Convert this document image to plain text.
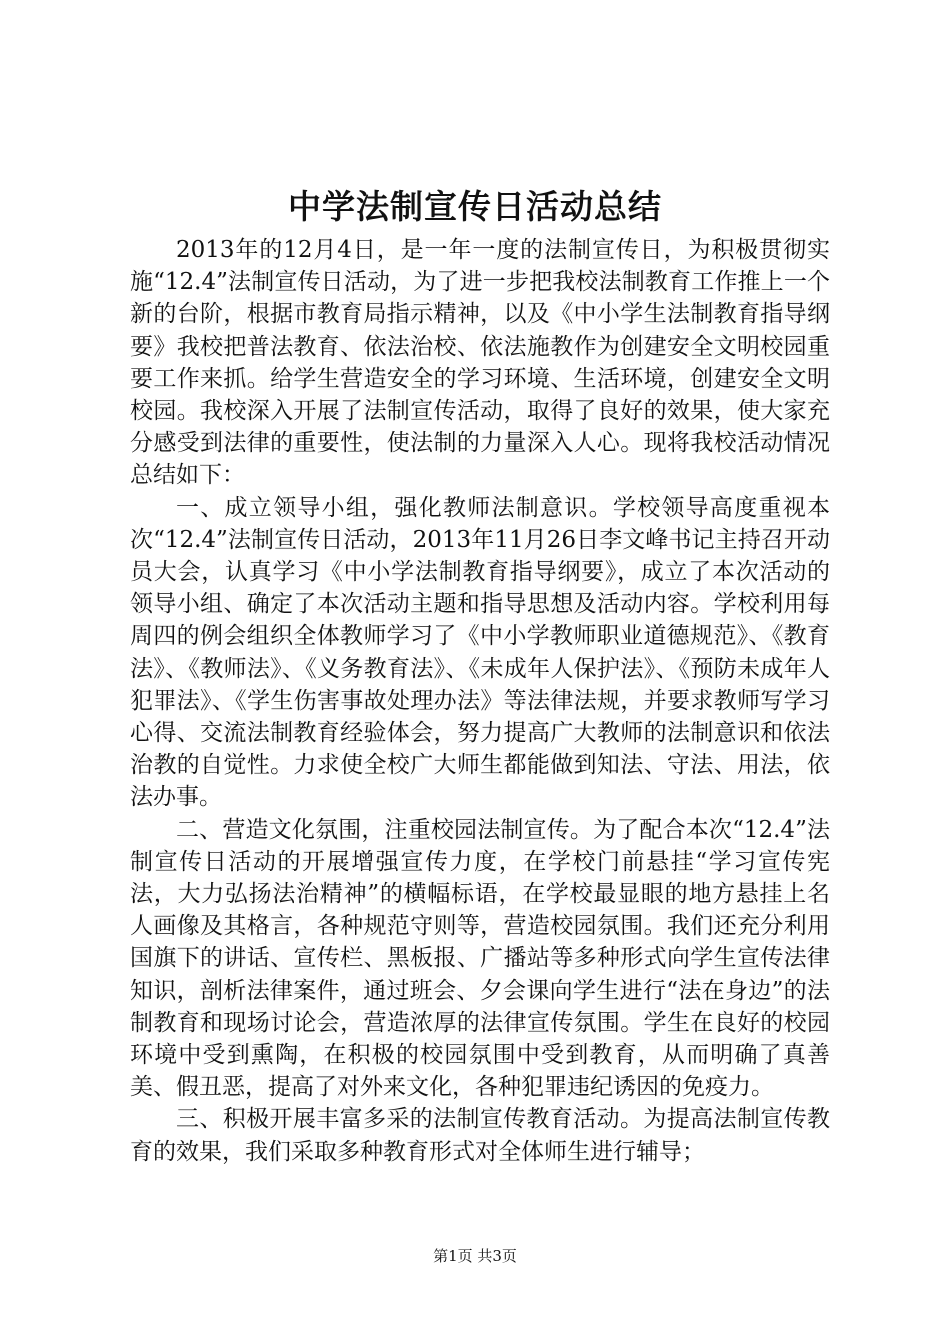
中学法制宣传日活动总结

2013年的12月4日，是一年一度的法制宣传日，为积极贯彻实施“12.4”法制宣传日活动，为了进一步把我校法制教育工作推上一个新的台阶，根据市教育局指示精神，以及《中小学生法制教育指导纲要》我校把普法教育、依法治校、依法施教作为创建安全文明校园重要工作来抓。给学生营造安全的学习环境、生活环境，创建安全文明校园。我校深入开展了法制宣传活动，取得了良好的效果，使大家充分感受到法律的重要性，使法制的力量深入人心。现将我校活动情况总结如下：

一、成立领导小组，强化教师法制意识。学校领导高度重视本次“12.4”法制宣传日活动，2013年11月26日李文峰书记主持召开动员大会，认真学习《中小学法制教育指导纲要》，成立了本次活动的领导小组、确定了本次活动主题和指导思想及活动内容。学校利用每周四的例会组织全体教师学习了《中小学教师职业道德规范》、《教育法》、《教师法》、《义务教育法》、《未成年人保护法》、《预防未成年人犯罪法》、《学生伤害事故处理办法》等法律法规，并要求教师写学习心得、交流法制教育经验体会，努力提高广大教师的法制意识和依法治教的自觉性。力求使全校广大师生都能做到知法、守法、用法，依法办事。

二、营造文化氛围，注重校园法制宣传。为了配合本次“12.4”法制宣传日活动的开展增强宣传力度，在学校门前悬挂“学习宣传宪法，大力弘扬法治精神”的横幅标语，在学校最显眼的地方悬挂上名人画像及其格言，各种规范守则等，营造校园氛围。我们还充分利用国旗下的讲话、宣传栏、黑板报、广播站等多种形式向学生宣传法律知识，剖析法律案件，通过班会、夕会课向学生进行“法在身边”的法制教育和现场讨论会，营造浓厚的法律宣传氛围。学生在良好的校园环境中受到熏陶，在积极的校园氛围中受到教育，从而明确了真善美、假丑恶，提高了对外来文化，各种犯罪违纪诱因的免疫力。

三、积极开展丰富多采的法制宣传教育活动。为提高法制宣传教育的效果，我们采取多种教育形式对全体师生进行辅导；

第1页 共3页
